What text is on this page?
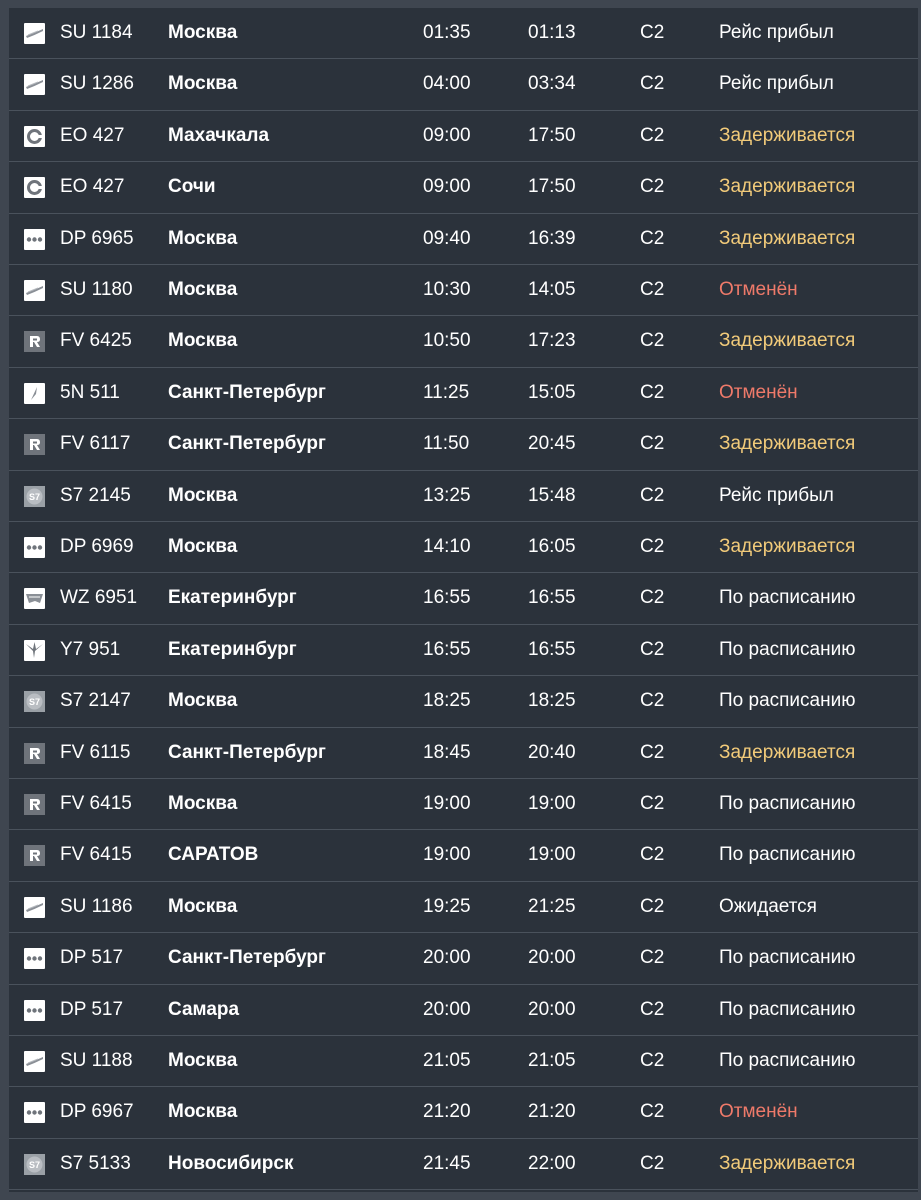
SU 1184 Москва	01:35	01:13	C2	Рейс прибыл
SU 1286 Москва	04:00	03:34	C2	Рейс прибыл
EO 427 Махачкала	09:00	17:50	C2	Задерживается
EO 427 Сочи	09:00	17:50	C2	Задерживается
DP 6965 Москва	09:40	16:39	C2	Задерживается
SU 1180 Москва	10:30	14:05	C2	Отменён
FV 6425 Москва	10:50	17:23	C2	Задерживается
5N 511	Санкт-Петербург	11:25	15:05	C2	Отменён
FV 6117 Санкт-Петербург	11:50	20:45	C2	Задерживается
S7 S7 2145 Москва	13:25	15:48	C2	Рейс прибыл
DP 6969 Москва	14:10	16:05	C2	Задерживается
WZ 6951 Екатеринбург	16:55	16:55	C2	По расписанию
Y7 951	Екатеринбург	16:55	16:55	C2	По расписанию
S7 S7 2147 Москва	18:25	18:25	C2	По расписанию
FV 6115 Санкт-Петербург	18:45	20:40	C2	Задерживается
FV 6415 Москва	19:00	19:00	C2	По расписанию
FV 6415 САРАТОВ	19:00	19:00	C2	По расписанию
SU 1186 Москва	19:25	21:25	C2	Ожидается
DP 517 Санкт-Петербург	20:00	20:00	C2	По расписанию
DP 517 Самара	20:00	20:00	C2	По расписанию
SU 1188 Москва	21:05	21:05	C2	По расписанию
DP 6967 Москва	21:20	21:20	C2	Отменён
S7 S7 5133 Новосибирск	21:45	22:00	C2	Задерживается
